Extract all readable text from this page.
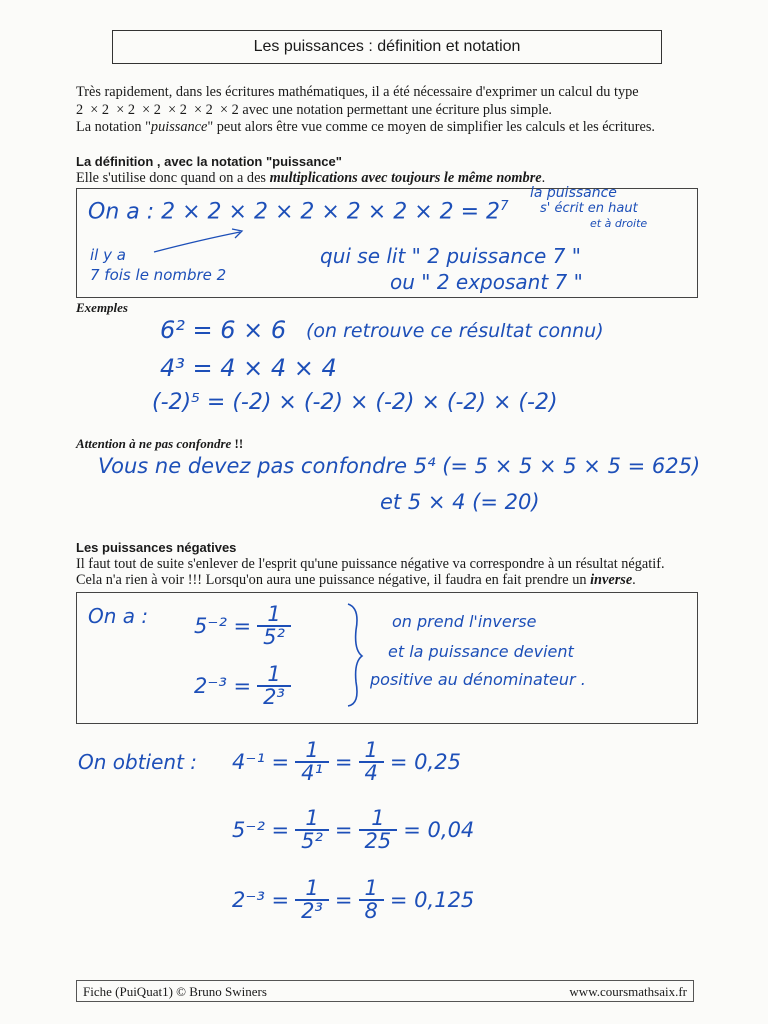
Les puissances : définition et notation
Très rapidement, dans les écritures mathématiques, il a été nécessaire d'exprimer un calcul du type
2  × 2  × 2  × 2  × 2  × 2  × 2 avec une notation permettant une écriture plus simple.
La notation "puissance" peut alors être vue comme ce moyen de simplifier les calculs et les écritures.
La définition , avec la notation "puissance"
Elle s'utilise donc quand on a des multiplications avec toujours le même nombre.
On a : $2 \times 2 \times 2 \times 2 \times 2 \times 2 \times 2 = 2^7$
la puissance
s' écrit en haut
et à droite
il y a
7 fois le nombre 2
qui se lit " 2 puissance 7 "
ou " 2 exposant 7 "
Exemples
6² = 6 × 6 (on retrouve ce résultat connu)
4³ = 4 × 4 × 4
(-2)⁵ = (-2) × (-2) × (-2) × (-2) × (-2)
Attention à ne pas confondre !!
Vous ne devez pas confondre 5⁴ (= 5 × 5 × 5 × 5 = 625)
et 5 × 4 (= 20)
Les puissances négatives
Il faut tout de suite s'enlever de l'esprit qu'une puissance négative va correspondre à un résultat négatif.
Cela n'a rien à voir !!! Lorsqu'on aura une puissance négative, il faudra en fait prendre un inverse.
On a : $5^{-2} = \frac{1}{\text{5²}}$
$2^{-3} = \frac{1}{\text{2³}}$
on prend l'inverse
et la puissance devient
positive au dénominateur .
On obtient : $4^{-1} = \frac{1}{\text{4¹}} = \frac{1}{4} = 0,25$
$5^{-2} = \frac{1}{\text{5²}} = \frac{1}{25} = 0,04$
$2^{-3} = \frac{1}{\text{2³}} = \frac{1}{8} = 0,125$
Fiche (PuiQuat1) © Bruno Swiners	www.coursmathsaix.fr
